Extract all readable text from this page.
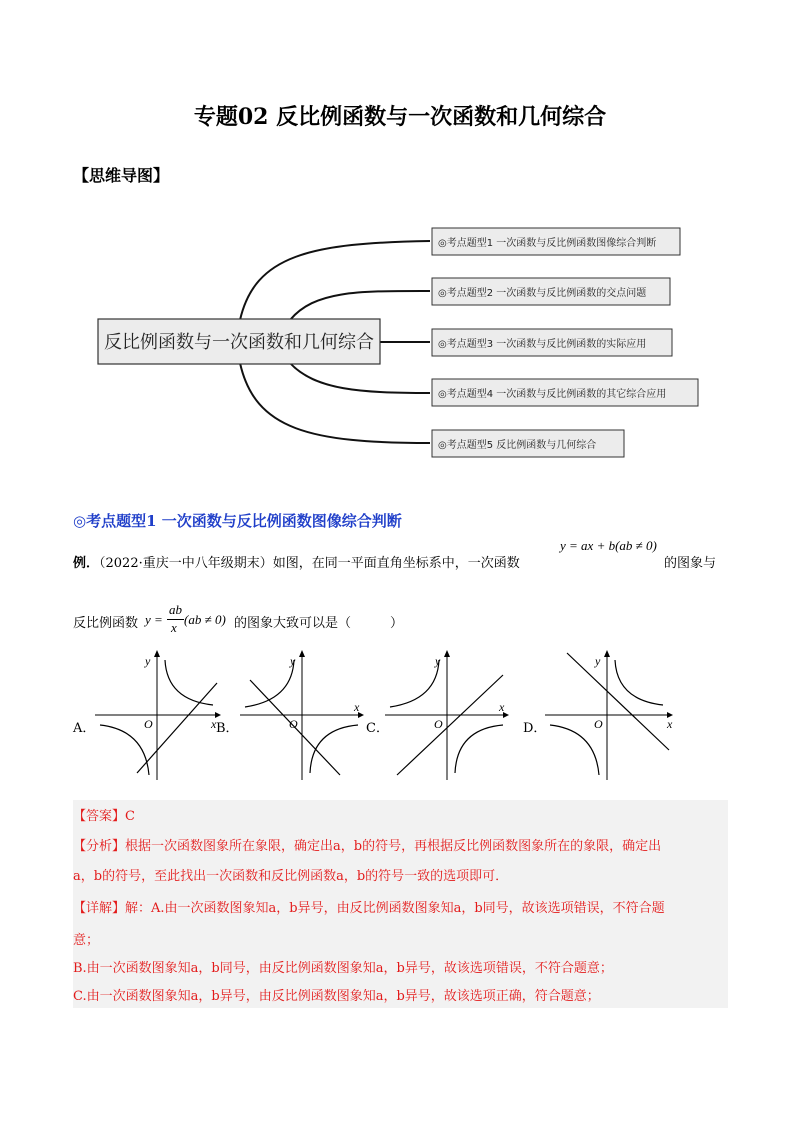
专题02 反比例函数与一次函数和几何综合
【思维导图】
反比例函数与一次函数和几何综合
◎考点题型1 一次函数与反比例函数图像综合判断
◎考点题型2 一次函数与反比例函数的交点问题
◎考点题型3 一次函数与反比例函数的实际应用
◎考点题型4 一次函数与反比例函数的其它综合应用
◎考点题型5 反比例函数与几何综合
◎考点题型1 一次函数与反比例函数图像综合判断
例．（2022·重庆一中八年级期末）如图，在同一平面直角坐标系中，一次函数
y = ax + b(ab ≠ 0)
的图象与
反比例函数 y =
ab
x
(ab ≠ 0) 的图象大致可以是（　　　）
A．
y
x
O	B．
y
x
O	C．
y
x
O	D．
y
x
O
【答案】C
【分析】根据一次函数图象所在象限，确定出a，b的符号，再根据反比例函数图象所在的象限，确定出
a，b的符号，至此找出一次函数和反比例函数a，b的符号一致的选项即可．
【详解】解：A.由一次函数图象知a，b异号，由反比例函数图象知a，b同号，故该选项错误，不符合题
意；
B.由一次函数图象知a，b同号，由反比例函数图象知a，b异号，故该选项错误，不符合题意；
C.由一次函数图象知a，b异号，由反比例函数图象知a，b异号，故该选项正确，符合题意；
